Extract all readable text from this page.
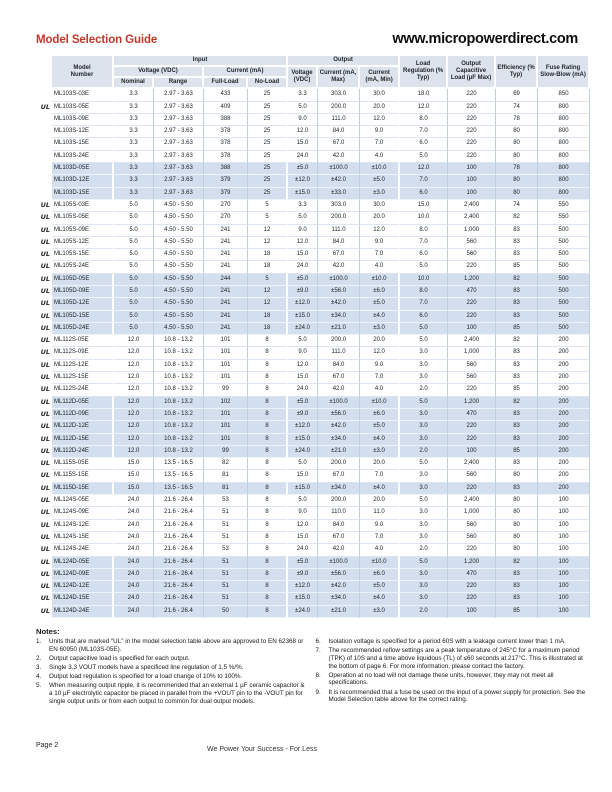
Model Selection Guide	www.micropowerdirect.com
Model Number	Input				Output			Load Regulation (% Typ)	Output Capacitive Load (µF Max)	Efficiency (% Typ)	Fuse Rating Slow-Blow (mA)
	Voltage (VDC)		Current (mA)		Voltage (VDC)	Current (mA, Max)	Current (mA, Min)				
	Nominal	Range	Full-Load	No-Load							
ML103S-03E	3.3	2.97 - 3.63	433	25	3.3	303.0	30.0	18.0	220	69	850

UL ML103S-05E	3.3	2.97 - 3.63	409	25	5.0	200.0	20.0	12.0	220	74	800
ML103S-09E	3.3	2.97 - 3.63	388	25	9.0	111.0	12.0	8.0	220	78	800
ML103S-12E	3.3	2.97 - 3.63	378	25	12.0	84.0	9.0	7.0	220	80	800
ML103S-15E	3.3	2.97 - 3.63	378	25	15.0	67.0	7.0	6.0	220	80	800
ML103S-24E	3.3	2.97 - 3.63	378	25	24.0	42.0	4.0	5.0	220	80	800
ML103D-05E	3.3	2.97 - 3.63	388	25	±5.0	±100.0	±10.0	12.0	100	78	800
ML103D-12E	3.3	2.97 - 3.63	379	25	±12.0	±42.0	±5.0	7.0	100	80	800
ML103D-15E	3.3	2.97 - 3.63	379	25	±15.0	±33.0	±3.0	6.0	100	80	800

UL ML105S-03E	5.0	4.50 - 5.50	270	5	3.3	303.0	30.0	15.0	2,400	74	550

UL ML105S-05E	5.0	4.50 - 5.50	270	5	5.0	200.0	20.0	10.0	2,400	82	550

UL ML105S-09E	5.0	4.50 - 5.50	241	12	9.0	111.0	12.0	8.0	1,000	83	500

UL ML105S-12E	5.0	4.50 - 5.50	241	12	12.0	84.0	9.0	7.0	560	83	500

UL ML105S-15E	5.0	4.50 - 5.50	241	18	15.0	67.0	7.0	6.0	560	83	500

UL ML105S-24E	5.0	4.50 - 5.50	241	18	24.0	42.0	4.0	5.0	220	85	500

UL ML105D-05E	5.0	4.50 - 5.50	244	5	±5.0	±100.0	±10.0	10.0	1,200	82	500

UL ML105D-09E	5.0	4.50 - 5.50	241	12	±9.0	±56.0	±6.0	8.0	470	83	500

UL ML105D-12E	5.0	4.50 - 5.50	241	12	±12.0	±42.0	±5.0	7.0	220	83	500

UL ML105D-15E	5.0	4.50 - 5.50	241	18	±15.0	±34.0	±4.0	6.0	220	83	500

UL ML105D-24E	5.0	4.50 - 5.50	241	18	±24.0	±21.0	±3.0	5.0	100	85	500

UL ML112S-05E	12.0	10.8 - 13.2	101	8	5.0	200.0	20.0	5.0	2,400	82	200

UL ML112S-09E	12.0	10.8 - 13.2	101	8	9.0	111.0	12.0	3.0	1,000	83	200

UL ML112S-12E	12.0	10.8 - 13.2	101	8	12.0	84.0	9.0	3.0	560	83	200

UL ML112S-15E	12.0	10.8 - 13.2	101	8	15.0	67.0	7.0	3.0	560	83	200

UL ML112S-24E	12.0	10.8 - 13.2	99	8	24.0	42.0	4.0	2.0	220	85	200

UL ML112D-05E	12.0	10.8 - 13.2	102	8	±5.0	±100.0	±10.0	5.0	1,200	82	200

UL ML112D-09E	12.0	10.8 - 13.2	101	8	±9.0	±56.0	±6.0	3.0	470	83	200

UL ML112D-12E	12.0	10.8 - 13.2	101	8	±12.0	±42.0	±5.0	3.0	220	83	200

UL ML112D-15E	12.0	10.8 - 13.2	101	8	±15.0	±34.0	±4.0	3.0	220	83	200

UL ML112D-24E	12.0	10.8 - 13.2	99	8	±24.0	±21.0	±3.0	2.0	100	85	200

UL ML115S-05E	15.0	13.5 - 16.5	82	8	5.0	200.0	20.0	5.0	2,400	83	200

UL ML115S-15E	15.0	13.5 - 16.5	81	8	15.0	67.0	7.0	3.0	560	80	200

UL ML115D-15E	15.0	13.5 - 16.5	81	8	±15.0	±34.0	±4.0	3.0	220	83	200

UL ML124S-05E	24.0	21.6 - 26.4	53	8	5.0	200.0	20.0	5.0	2,400	80	100

UL ML124S-09E	24.0	21.6 - 26.4	51	8	9.0	110.0	11.0	3.0	1,000	80	100

UL ML124S-12E	24.0	21.6 - 26.4	51	8	12.0	84.0	9.0	3.0	560	80	100

UL ML124S-15E	24.0	21.6 - 26.4	51	8	15.0	67.0	7.0	3.0	560	80	100

UL ML124S-24E	24.0	21.6 - 26.4	53	8	24.0	42.0	4.0	2.0	220	80	100

UL ML124D-05E	24.0	21.6 - 26.4	51	8	±5.0	±100.0	±10.0	5.0	1,200	82	100

UL ML124D-09E	24.0	21.6 - 26.4	51	8	±9.0	±56.0	±6.0	3.0	470	83	100

UL ML124D-12E	24.0	21.6 - 26.4	51	8	±12.0	±42.0	±5.0	3.0	220	83	100

UL ML124D-15E	24.0	21.6 - 26.4	51	8	±15.0	±34.0	±4.0	3.0	220	83	100

UL ML124D-24E	24.0	21.6 - 26.4	50	8	±24.0	±21.0	±3.0	2.0	100	85	100
Notes:
1.	Units that are marked "UL" in the model selection table above are approved to EN 62368 or EN 60950 (ML103S-05E).
2.	Output capacitive load is specified for each output.
3.	Single 3.3 VOUT models have a specificed line regulation of 1.5 %/%.
4.	Output load regulation is specified for a load change of 10% to 100%.
5.	When measuring output ripple, it is recommended that an external 1 µF ceramic capacitor & a 10 µF electrolytic capacitor be placed in parallel from the +VOUT pin to the -VOUT pin for single output units or from each output to common for dual output models.
6.	Isolation voltage is specified for a period 60S with a leakage current lower than 1 mA.
7.	The recommended reflow settings are a peak temperature of 245°C for a maximum period (TPK) of 10S and a time above liquidous (TL) of ≤60 seconds at 217°C. This is illustrated at the bottom of page 6. For more information, please contact the factory.
8.	Operation at no load will not damage these units, however, they may not meet all specifications.
9.	It is recommended that a fuse be used on the input of a power supply for protection. See the Model Selection table above for the correct rating.
Page 2
We Power Your Success - For Less
